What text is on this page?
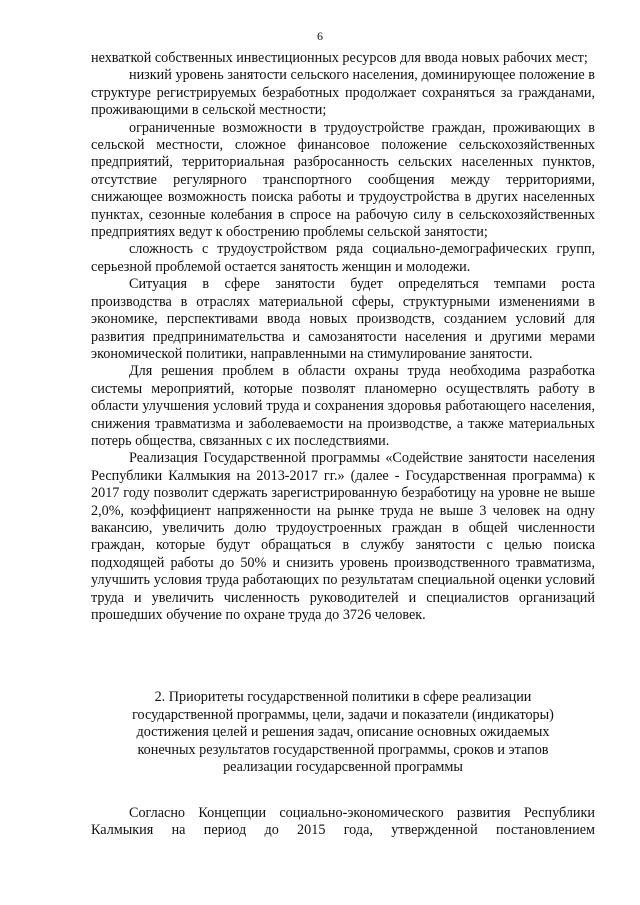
6

нехваткой собственных инвестиционных ресурсов для ввода новых рабочих мест;

низкий уровень занятости сельского населения, доминирующее положение в структуре регистрируемых безработных продолжает сохраняться за гражданами, проживающими в сельской местности;

ограниченные возможности в трудоустройстве граждан, проживающих в сельской местности, сложное финансовое положение сельскохозяйственных предприятий, территориальная разбросанность сельских населенных пунктов, отсутствие регулярного транспортного сообщения между территориями, снижающее возможность поиска работы и трудоустройства в других населенных пунктах, сезонные колебания в спросе на рабочую силу в сельскохозяйственных предприятиях ведут к обострению проблемы сельской занятости;

сложность с трудоустройством ряда социально-демографических групп, серьезной проблемой остается занятость женщин и молодежи.

Ситуация в сфере занятости будет определяться темпами роста производства в отраслях материальной сферы, структурными изменениями в экономике, перспективами ввода новых производств, созданием условий для развития предпринимательства и самозанятости населения и другими мерами экономической политики, направленными на стимулирование занятости.

Для решения проблем в области охраны труда необходима разработка системы мероприятий, которые позволят планомерно осуществлять работу в области улучшения условий труда и сохранения здоровья работающего населения, снижения травматизма и заболеваемости на производстве, а также материальных потерь общества, связанных с их последствиями.

Реализация Государственной программы «Содействие занятости населения Республики Калмыкия на 2013-2017 гг.» (далее - Государственная программа) к 2017 году позволит сдержать зарегистрированную безработицу на уровне не выше 2,0%, коэффициент напряженности на рынке труда не выше 3 человек на одну вакансию, увеличить долю трудоустроенных граждан в общей численности граждан, которые будут обращаться в службу занятости с целью поиска подходящей работы до 50% и снизить уровень производственного травматизма, улучшить условия труда работающих по результатам специальной оценки условий труда и увеличить численность руководителей и специалистов организаций прошедших обучение по охране труда до 3726 человек.

2. Приоритеты государственной политики в сфере реализации

государственной программы, цели, задачи и показатели (индикаторы)

достижения целей и решения задач, описание основных ожидаемых

конечных результатов государственной программы, сроков и этапов

реализации государсвенной программы

Согласно Концепции социально-экономического развития Республики Калмыкия на период до 2015 года, утвержденной постановлением
